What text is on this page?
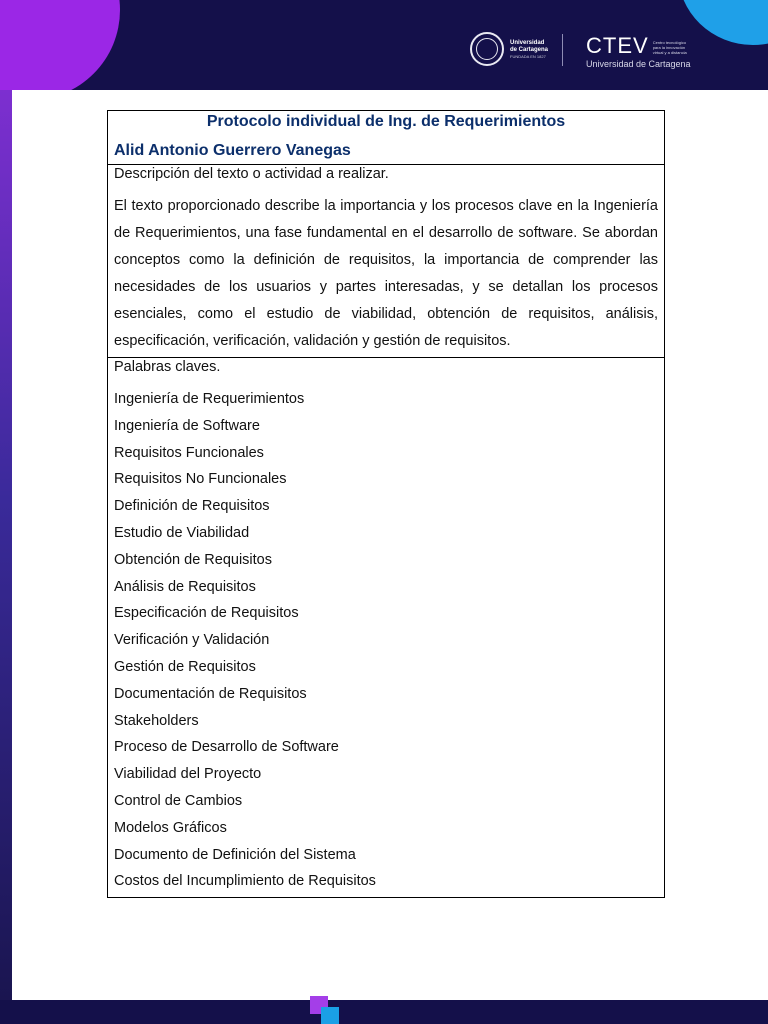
Universidad
de Cartagena
FUNDADA EN 1827 CTEV Centro tecnológico para la innovación virtual y a distancia
Universidad de Cartagena
Protocolo individual de Ing. de Requerimientos
Alid Antonio Guerrero Vanegas
Descripción del texto o actividad a realizar.
El texto proporcionado describe la importancia y los procesos clave en la Ingeniería de Requerimientos, una fase fundamental en el desarrollo de software. Se abordan conceptos como la definición de requisitos, la importancia de comprender las necesidades de los usuarios y partes interesadas, y se detallan los procesos esenciales, como el estudio de viabilidad, obtención de requisitos, análisis, especificación, verificación, validación y gestión de requisitos.
Palabras claves.
Ingeniería de Requerimientos
Ingeniería de Software
Requisitos Funcionales
Requisitos No Funcionales
Definición de Requisitos
Estudio de Viabilidad
Obtención de Requisitos
Análisis de Requisitos
Especificación de Requisitos
Verificación y Validación
Gestión de Requisitos
Documentación de Requisitos
Stakeholders
Proceso de Desarrollo de Software
Viabilidad del Proyecto
Control de Cambios
Modelos Gráficos
Documento de Definición del Sistema
Costos del Incumplimiento de Requisitos
